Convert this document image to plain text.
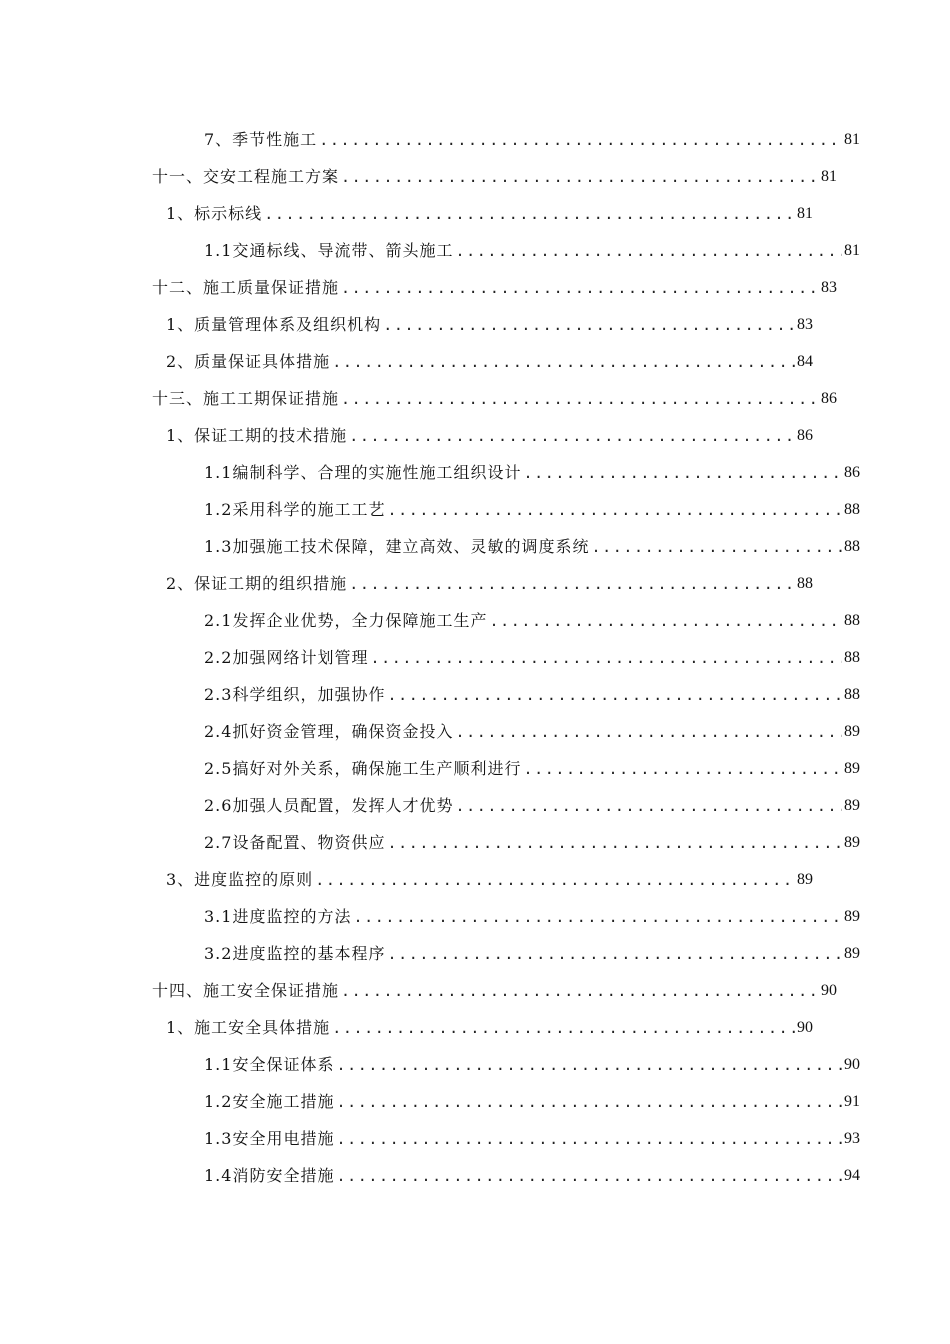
7、季节性施工 .....	81
十一、交安工程施工方案 .....	81
1、标示标线 .....	81
1.1交通标线、导流带、箭头施工 .....	81
十二、施工质量保证措施 .....	83
1、质量管理体系及组织机构 .....	83
2、质量保证具体措施 .....	84
十三、施工工期保证措施 .....	86
1、保证工期的技术措施 .....	86
1.1编制科学、合理的实施性施工组织设计 .....	86
1.2采用科学的施工工艺 .....	88
1.3加强施工技术保障，建立高效、灵敏的调度系统 .....	88
2、保证工期的组织措施 .....	88
2.1发挥企业优势，全力保障施工生产 .....	88
2.2加强网络计划管理 .....	88
2.3科学组织，加强协作 .....	88
2.4抓好资金管理，确保资金投入 .....	89
2.5搞好对外关系，确保施工生产顺利进行 .....	89
2.6加强人员配置，发挥人才优势 .....	89
2.7设备配置、物资供应 .....	89
3、进度监控的原则 .....	89
3.1进度监控的方法 .....	89
3.2进度监控的基本程序 .....	89
十四、施工安全保证措施 .....	90
1、施工安全具体措施 .....	90
1.1安全保证体系 .....	90
1.2安全施工措施 .....	91
1.3安全用电措施 .....	93
1.4消防安全措施 .....	94
